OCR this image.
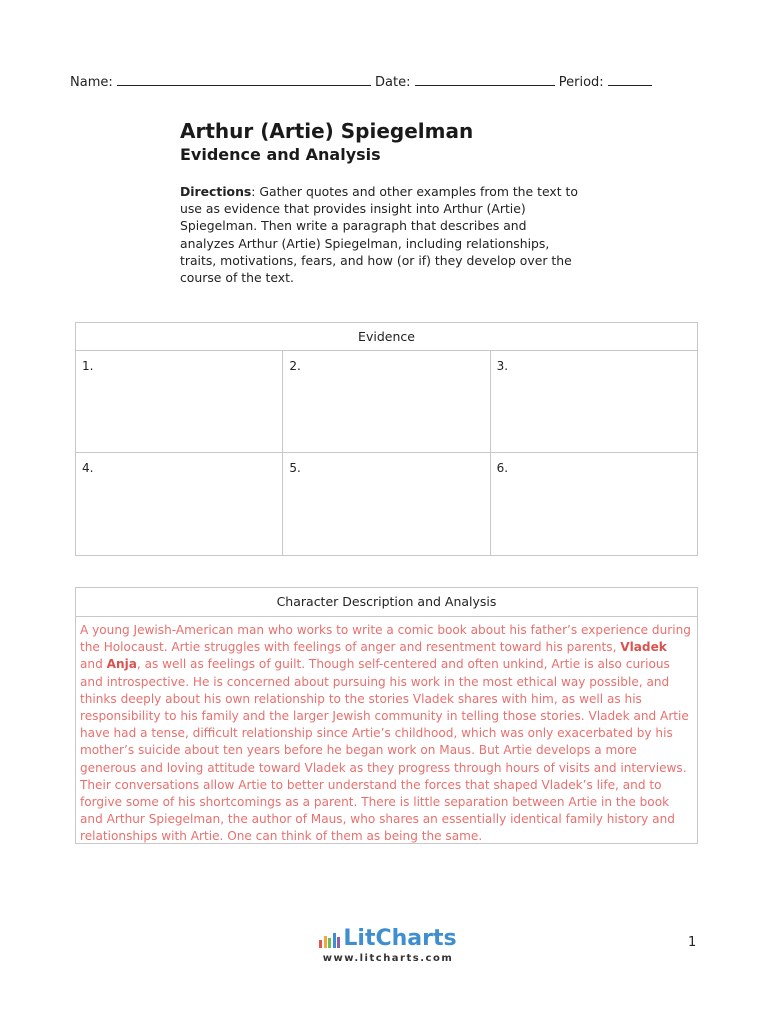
Name:	Date:	Period:
Arthur (Artie) Spiegelman
Evidence and Analysis
Directions: Gather quotes and other examples from the text to use as evidence that provides insight into Arthur (Artie) Spiegelman. Then write a paragraph that describes and analyzes Arthur (Artie) Spiegelman, including relationships, traits, motivations, fears, and how (or if) they develop over the course of the text.
Evidence		
1.	2.	3.
4.	5.	6.
Character Description and Analysis
A young Jewish-American man who works to write a comic book about his father’s experience during the Holocaust. Artie struggles with feelings of anger and resentment toward his parents, Vladek and Anja, as well as feelings of guilt. Though self-centered and often unkind, Artie is also curious and introspective. He is concerned about pursuing his work in the most ethical way possible, and thinks deeply about his own relationship to the stories Vladek shares with him, as well as his responsibility to his family and the larger Jewish community in telling those stories. Vladek and Artie have had a tense, difficult relationship since Artie’s childhood, which was only exacerbated by his mother’s suicide about ten years before he began work on Maus. But Artie develops a more generous and loving attitude toward Vladek as they progress through hours of visits and interviews. Their conversations allow Artie to better understand the forces that shaped Vladek’s life, and to forgive some of his shortcomings as a parent. There is little separation between Artie in the book and Arthur Spiegelman, the author of Maus, who shares an essentially identical family history and relationships with Artie. One can think of them as being the same.
LitCharts
www.litcharts.com
1
